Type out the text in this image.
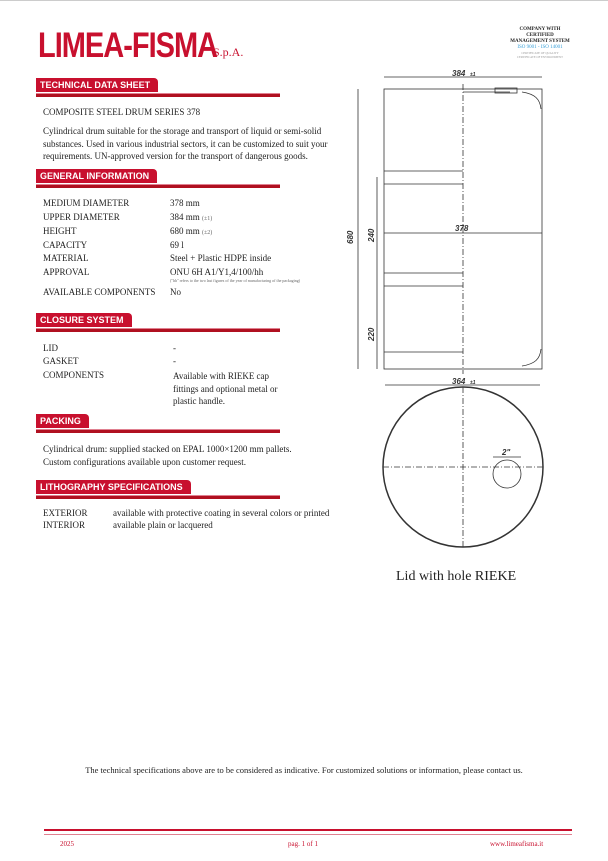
LIMEA-FISMA
S.p.A.
COMPANY WITH
CERTIFIED
MANAGEMENT SYSTEM
ISO 9001 - ISO 14001
CERTIFICATE OF QUALITY
CERTIFICATE OF ENVIRONMENT
TECHNICAL DATA SHEET
COMPOSITE STEEL DRUM SERIES 378
Cylindrical drum suitable for the storage and transport of liquid or semi-solid substances. Used in various industrial sectors, it can be customized to suit your requirements. UN-approved version for the transport of dangerous goods.
GENERAL INFORMATION
MEDIUM DIAMETER	378 mm
UPPER DIAMETER	384 mm (±1)
HEIGHT	680 mm (±2)
CAPACITY	69 l
MATERIAL	Steel + Plastic HDPE inside
APPROVAL	ONU 6H A1/Y1,4/100/hh
AVAILABLE COMPONENTS No
("hh" refers to the two last figures of the year of manufacturing of the packaging)
CLOSURE SYSTEM
LID	-
GASKET	-
COMPONENTS	Available with RIEKE cap fittings and optional metal or plastic handle.
PACKING
Cylindrical drum: supplied stacked on EPAL 1000×1200 mm pallets. Custom configurations available upon customer request.
LITHOGRAPHY SPECIFICATIONS
EXTERIOR	available with protective coating in several colors or printed
INTERIOR	available plain or lacquered
384 ±1
680 240
220
378
364 ±1
2"
Lid with hole RIEKE
The technical specifications above are to be considered as indicative. For customized solutions or information, please contact us.
2025	pag. 1 of 1	www.limeafisma.it
